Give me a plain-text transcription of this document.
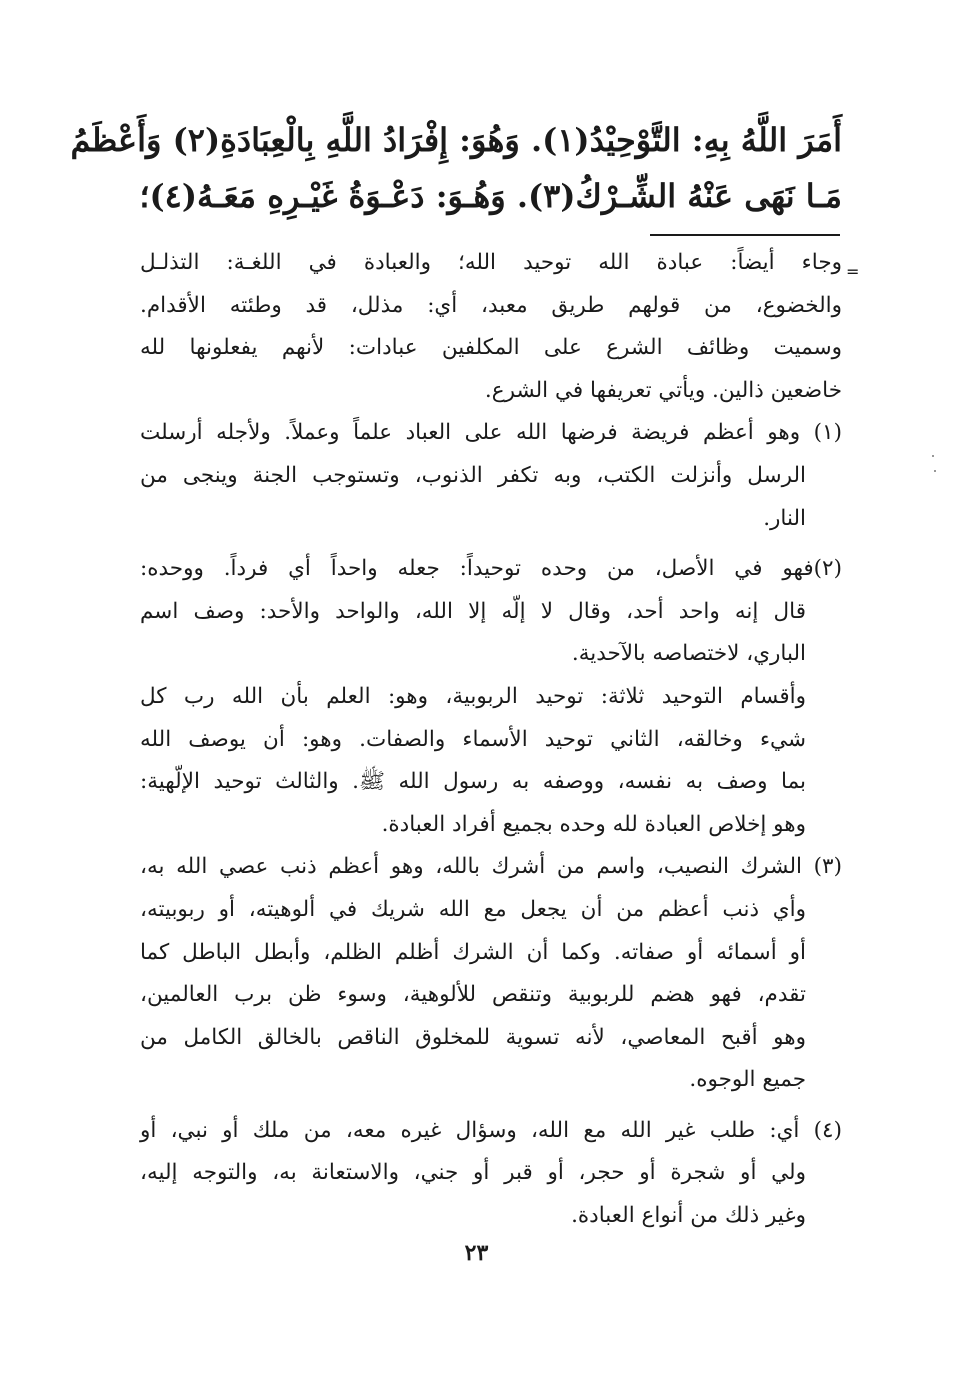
أَمَرَ اللَّهُ بِهِ: التَّوْحِيْدُ(١). وَهُوَ: إِفْرَادُ اللَّهِ بِالْعِبَادَةِ(٢) وَأَعْظَمُ
مَـا نَهَى عَنْهُ الشِّـرْكُ(٣). وَهُـوَ: دَعْـوَةُ غَيْـرِهِ مَعَـهُ(٤)؛
=
وجاء أيضاً: عبادة الله توحيد الله؛ والعبادة في اللغـة: التذلـل
والخضوع، من قولهم طريق معبد، أي: مذلل، قد وطئته الأقدام.
وسميت وظائف الشرع على المكلفين عبادات: لأنهم يفعلونها لله
خاضعين ذالين. ويأتي تعريفها في الشرع.
(١) وهو أعظم فريضة فرضها الله على العباد علماً وعملاً. ولأجله أرسلت
الرسل وأنزلت الكتب، وبه تكفر الذنوب، وتستوجب الجنة وينجى من
النار.
(٢)فهو في الأصل، من وحده توحيداً: جعله واحداً أي فرداً. ووحده:
قال إنه واحد أحد، وقال لا إلّه إلا الله، والواحد والأحد: وصف اسم
الباري، لاختصاصه بالآحدية.
وأقسام التوحيد ثلاثة: توحيد الربوبية، وهو: العلم بأن الله رب كل
شيء وخالقه، الثاني توحيد الأسماء والصفات. وهو: أن يوصف الله
بما وصف به نفسه، ووصفه به رسول الله ﷺ. والثالث توحيد الإلّهية:
وهو إخلاص العبادة لله وحده بجميع أفراد العبادة.
(٣) الشرك النصيب، واسم من أشرك بالله، وهو أعظم ذنب عصي الله به،
وأي ذنب أعظم من أن يجعل مع الله شريك في ألوهيته، أو ربوبيته،
أو أسمائه أو صفاته. وكما أن الشرك أظلم الظلم، وأبطل الباطل كما
تقدم، فهو هضم للربوبية وتنقص للألوهية، وسوء ظن برب العالمين،
وهو أقبح المعاصي، لأنه تسوية للمخلوق الناقص بالخالق الكامل من
جميع الوجوه.
(٤) أي: طلب غير الله مع الله، وسؤال غيره معه، من ملك أو نبي، أو
ولي أو شجرة أو حجر، أو قبر أو جني، والاستعانة به، والتوجه إليه،
وغير ذلك من أنواع العبادة.
٢٣
